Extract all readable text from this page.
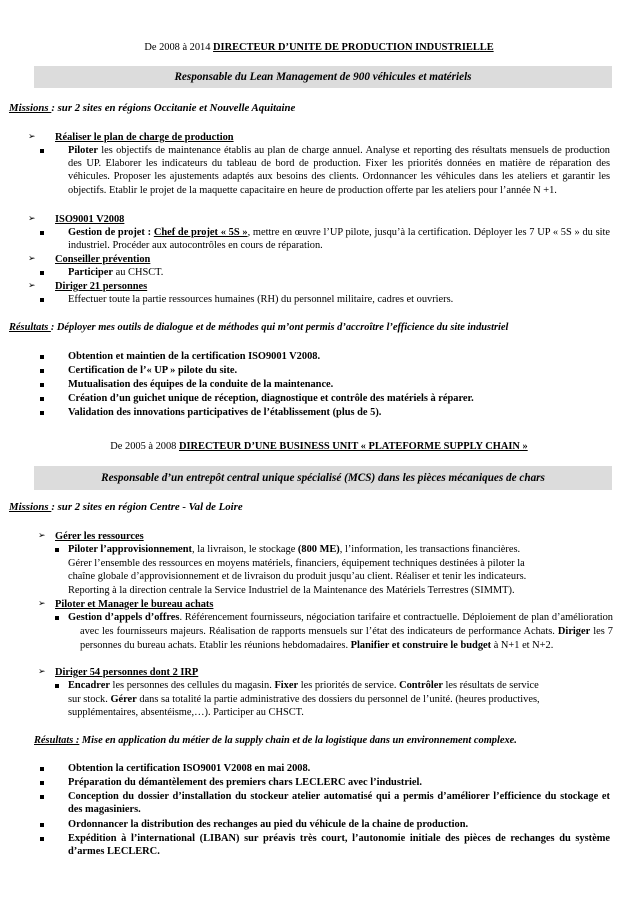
De 2008 à 2014 DIRECTEUR D’UNITE DE PRODUCTION INDUSTRIELLE
Responsable du Lean Management de 900 véhicules et matériels
Missions : sur 2 sites en régions Occitanie et Nouvelle Aquitaine
➢ Réaliser le plan de charge de production
Piloter les objectifs de maintenance établis au plan de charge annuel. Analyse et reporting des résultats mensuels de production des UP. Elaborer les indicateurs du tableau de bord de production. Fixer les priorités données en matière de réparation des véhicules. Proposer les ajustements adaptés aux besoins des clients. Ordonnancer les véhicules dans les ateliers et garantir les objectifs. Etablir le projet de la maquette capacitaire en heure de production offerte par les ateliers pour l’année N +1.
➢ ISO9001 V2008
Gestion de projet : Chef de projet « 5S », mettre en œuvre l’UP pilote, jusqu’à la certification. Déployer les 7 UP « 5S » du site industriel. Procéder aux autocontrôles en cours de réparation.
➢ Conseiller prévention
Participer au CHSCT.
➢ Diriger 21 personnes
Effectuer toute la partie ressources humaines (RH) du personnel militaire, cadres et ouvriers.
Résultats : Déployer mes outils de dialogue et de méthodes qui m’ont permis d’accroître l’efficience du site industriel
Obtention et maintien de la certification ISO9001 V2008.
Certification de l’« UP » pilote du site.
Mutualisation des équipes de la conduite de la maintenance.
Création d’un guichet unique de réception, diagnostique et contrôle des matériels à réparer.
Validation des innovations participatives de l’établissement (plus de 5).
De 2005 à 2008 DIRECTEUR D’UNE BUSINESS UNIT « PLATEFORME SUPPLY CHAIN »
Responsable d’un entrepôt central unique spécialisé (MCS) dans les pièces mécaniques de chars
Missions : sur 2 sites en région Centre - Val de Loire
➢ Gérer les ressources
Piloter l’approvisionnement, la livraison, le stockage (800 ME), l’information, les transactions financières.
Gérer l’ensemble des ressources en moyens matériels, financiers, équipement techniques destinées à piloter la
chaîne globale d’approvisionnement et de livraison du produit jusqu’au client. Réaliser et tenir les indicateurs.
Reporting à la direction centrale la Service Industriel de la Maintenance des Matériels Terrestres (SIMMT).
➢ Piloter et Manager le bureau achats
Gestion d’appels d’offres. Référencement fournisseurs, négociation tarifaire et contractuelle. Déploiement de plan d’amélioration avec les fournisseurs majeurs. Réalisation de rapports mensuels sur l’état des indicateurs de performance Achats. Diriger les 7 personnes du bureau achats. Etablir les réunions hebdomadaires. Planifier et construire le budget à N+1 et N+2.
➢ Diriger 54 personnes dont 2 IRP
Encadrer les personnes des cellules du magasin. Fixer les priorités de service. Contrôler les résultats de service
sur stock. Gérer dans sa totalité la partie administrative des dossiers du personnel de l’unité. (heures productives,
supplémentaires, absentéisme,…). Participer au CHSCT.
Résultats : Mise en application du métier de la supply chain et de la logistique dans un environnement complexe.
Obtention la certification ISO9001 V2008 en mai 2008.
Préparation du démantèlement des premiers chars LECLERC avec l’industriel.
Conception du dossier d’installation du stockeur atelier automatisé qui a permis d’améliorer l’efficience du stockage et des magasiniers.
Ordonnancer la distribution des rechanges au pied du véhicule de la chaine de production.
Expédition à l’international (LIBAN) sur préavis très court, l’autonomie initiale des pièces de rechanges du système d’armes LECLERC.
